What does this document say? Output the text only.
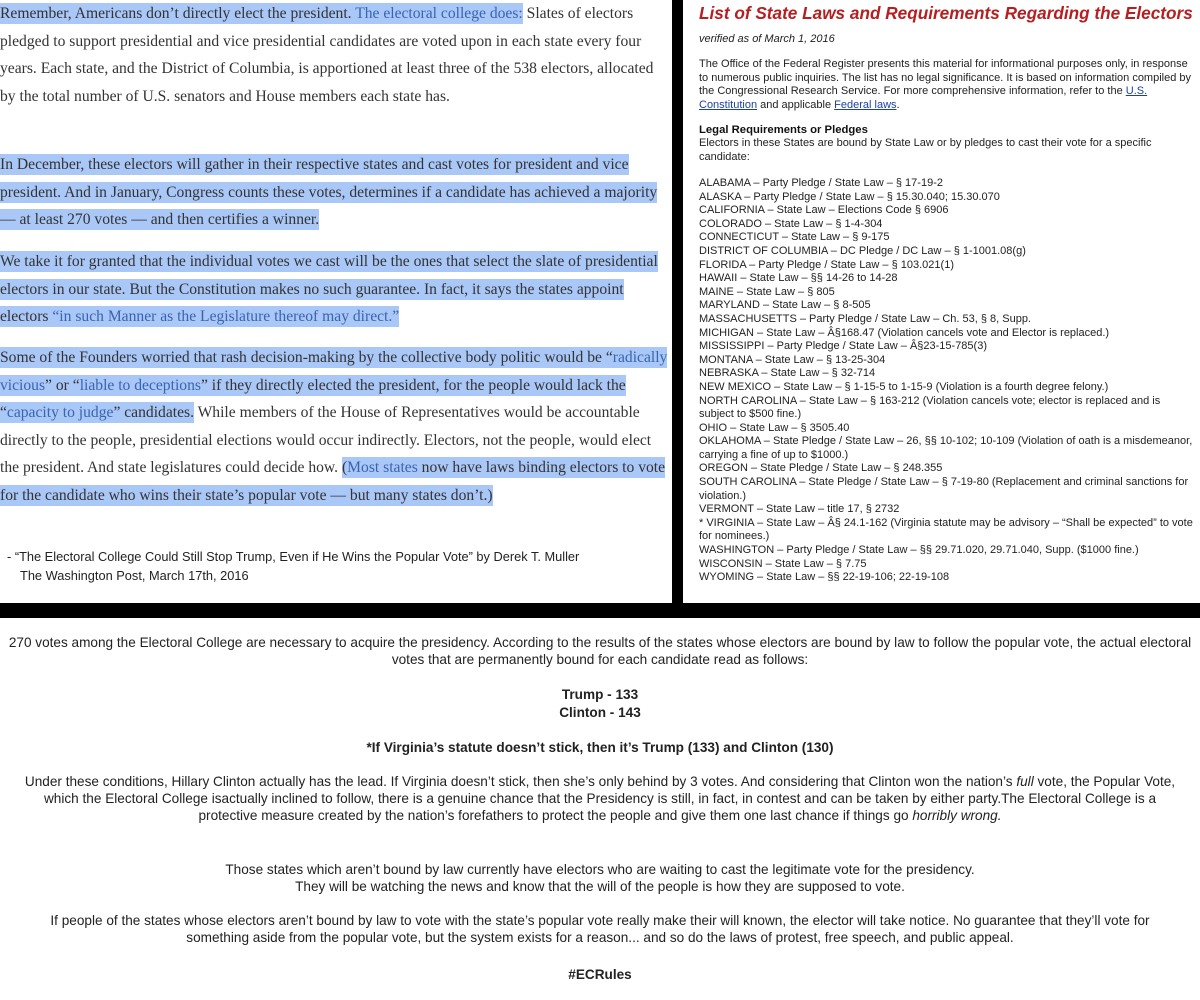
Remember, Americans don’t directly elect the president. The electoral college does: Slates of electors pledged to support presidential and vice presidential candidates are voted upon in each state every four years. Each state, and the District of Columbia, is apportioned at least three of the 538 electors, allocated by the total number of U.S. senators and House members each state has.

In December, these electors will gather in their respective states and cast votes for president and vice president. And in January, Congress counts these votes, determines if a candidate has achieved a majority — at least 270 votes — and then certifies a winner.

We take it for granted that the individual votes we cast will be the ones that select the slate of presidential electors in our state. But the Constitution makes no such guarantee. In fact, it says the states appoint electors “in such Manner as the Legislature thereof may direct.”

Some of the Founders worried that rash decision-making by the collective body politic would be “radically vicious” or “liable to deceptions” if they directly elected the president, for the people would lack the “capacity to judge” candidates. While members of the House of Representatives would be accountable directly to the people, presidential elections would occur indirectly. Electors, not the people, would elect the president. And state legislatures could decide how. (Most states now have laws binding electors to vote for the candidate who wins their state’s popular vote — but many states don’t.)

- “The Electoral College Could Still Stop Trump, Even if He Wins the Popular Vote” by Derek T. Muller
The Washington Post, March 17th, 2016
List of State Laws and Requirements Regarding the Electors
verified as of March 1, 2016
The Office of the Federal Register presents this material for informational purposes only, in response to numerous public inquiries. The list has no legal significance. It is based on information compiled by the Congressional Research Service. For more comprehensive information, refer to the U.S. Constitution and applicable Federal laws.
Legal Requirements or Pledges
Electors in these States are bound by State Law or by pledges to cast their vote for a specific candidate:
ALABAMA – Party Pledge / State Law – § 17-19-2
ALASKA – Party Pledge / State Law – § 15.30.040; 15.30.070
CALIFORNIA – State Law – Elections Code § 6906
COLORADO – State Law – § 1-4-304
CONNECTICUT – State Law – § 9-175
DISTRICT OF COLUMBIA – DC Pledge / DC Law – § 1-1001.08(g)
FLORIDA – Party Pledge / State Law – § 103.021(1)
HAWAII – State Law – §§ 14-26 to 14-28
MAINE – State Law – § 805
MARYLAND – State Law – § 8-505
MASSACHUSETTS – Party Pledge / State Law – Ch. 53, § 8, Supp.
MICHIGAN – State Law – Â§168.47 (Violation cancels vote and Elector is replaced.)
MISSISSIPPI – Party Pledge / State Law – Â§23-15-785(3)
MONTANA – State Law – § 13-25-304
NEBRASKA – State Law – § 32-714
NEW MEXICO – State Law – § 1-15-5 to 1-15-9 (Violation is a fourth degree felony.)
NORTH CAROLINA – State Law – § 163-212 (Violation cancels vote; elector is replaced and is subject to $500 fine.)
OHIO – State Law – § 3505.40
OKLAHOMA – State Pledge / State Law – 26, §§ 10-102; 10-109 (Violation of oath is a misdemeanor, carrying a fine of up to $1000.)
OREGON – State Pledge / State Law – § 248.355
SOUTH CAROLINA – State Pledge / State Law – § 7-19-80 (Replacement and criminal sanctions for violation.)
VERMONT – State Law – title 17, § 2732
* VIRGINIA – State Law – Â§ 24.1-162 (Virginia statute may be advisory – “Shall be expected” to vote for nominees.)
WASHINGTON – Party Pledge / State Law – §§ 29.71.020, 29.71.040, Supp. ($1000 fine.)
WISCONSIN – State Law – § 7.75
WYOMING – State Law – §§ 22-19-106; 22-19-108

270 votes among the Electoral College are necessary to acquire the presidency. According to the results of the states whose electors are bound by law to follow the popular vote, the actual electoral votes that are permanently bound for each candidate read as follows:

Trump - 133

Clinton - 143

*If Virginia’s statute doesn’t stick, then it’s Trump (133) and Clinton (130)

Under these conditions, Hillary Clinton actually has the lead. If Virginia doesn’t stick, then she’s only behind by 3 votes. And considering that Clinton won the nation’s full vote, the Popular Vote, which the Electoral College isactually inclined to follow, there is a genuine chance that the Presidency is still, in fact, in contest and can be taken by either party.The Electoral College is a protective measure created by the nation’s forefathers to protect the people and give them one last chance if things go horribly wrong.

Those states which aren’t bound by law currently have electors who are waiting to cast the legitimate vote for the presidency.
They will be watching the news and know that the will of the people is how they are supposed to vote.

If people of the states whose electors aren’t bound by law to vote with the state’s popular vote really make their will known, the elector will take notice. No guarantee that they’ll vote for something aside from the popular vote, but the system exists for a reason... and so do the laws of protest, free speech, and public appeal.

#ECRules
